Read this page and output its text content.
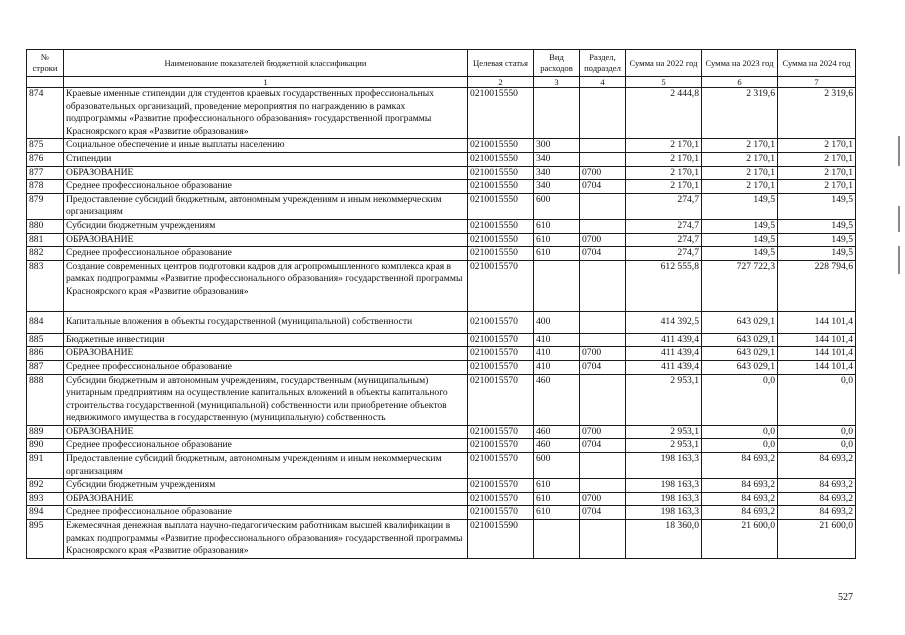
№ строки	Наименование показателей бюджетной классификации	Целевая статья	Вид расходов	Раздел, подраздел	Сумма на 2022 год	Сумма на 2023 год	Сумма на 2024 год
	1	2	3	4	5	6	7
874	Краевые именные стипендии для студентов краевых государственных профессиональных образовательных организаций, проведение мероприятия по награждению в рамках подпрограммы «Развитие профессионального образования» государственной программы Красноярского края «Развитие образования»	0210015550			2 444,8	2 319,6	2 319,6
875	Социальное обеспечение и иные выплаты населению	0210015550	300		2 170,1	2 170,1	2 170,1
876	Стипендии	0210015550	340		2 170,1	2 170,1	2 170,1
877	ОБРАЗОВАНИЕ	0210015550	340	0700	2 170,1	2 170,1	2 170,1
878	Среднее профессиональное образование	0210015550	340	0704	2 170,1	2 170,1	2 170,1
879	Предоставление субсидий бюджетным, автономным учреждениям и иным некоммерческим организациям	0210015550	600		274,7	149,5	149,5
880	Субсидии бюджетным учреждениям	0210015550	610		274,7	149,5	149,5
881	ОБРАЗОВАНИЕ	0210015550	610	0700	274,7	149,5	149,5
882	Среднее профессиональное образование	0210015550	610	0704	274,7	149,5	149,5
883	Создание современных центров подготовки кадров для агропромышленного комплекса края в рамках подпрограммы «Развитие профессионального образования» государственной программы Красноярского края «Развитие образования»	0210015570			612 555,8	727 722,3	228 794,6
884	Капитальные вложения в объекты государственной (муниципальной) собственности	0210015570	400		414 392,5	643 029,1	144 101,4
885	Бюджетные инвестиции	0210015570	410		411 439,4	643 029,1	144 101,4
886	ОБРАЗОВАНИЕ	0210015570	410	0700	411 439,4	643 029,1	144 101,4
887	Среднее профессиональное образование	0210015570	410	0704	411 439,4	643 029,1	144 101,4
888	Субсидии бюджетным и автономным учреждениям, государственным (муниципальным) унитарным предприятиям на осуществление капитальных вложений в объекты капитального строительства государственной (муниципальной) собственности или приобретение объектов недвижимого имущества в государственную (муниципальную) собственность	0210015570	460		2 953,1	0,0	0,0
889	ОБРАЗОВАНИЕ	0210015570	460	0700	2 953,1	0,0	0,0
890	Среднее профессиональное образование	0210015570	460	0704	2 953,1	0,0	0,0
891	Предоставление субсидий бюджетным, автономным учреждениям и иным некоммерческим организациям	0210015570	600		198 163,3	84 693,2	84 693,2
892	Субсидии бюджетным учреждениям	0210015570	610		198 163,3	84 693,2	84 693,2
893	ОБРАЗОВАНИЕ	0210015570	610	0700	198 163,3	84 693,2	84 693,2
894	Среднее профессиональное образование	0210015570	610	0704	198 163,3	84 693,2	84 693,2
895	Ежемесячная денежная выплата научно-педагогическим работникам высшей квалификации в рамках подпрограммы «Развитие профессионального образования» государственной программы Красноярского края «Развитие образования»	0210015590			18 360,0	21 600,0	21 600,0
527
